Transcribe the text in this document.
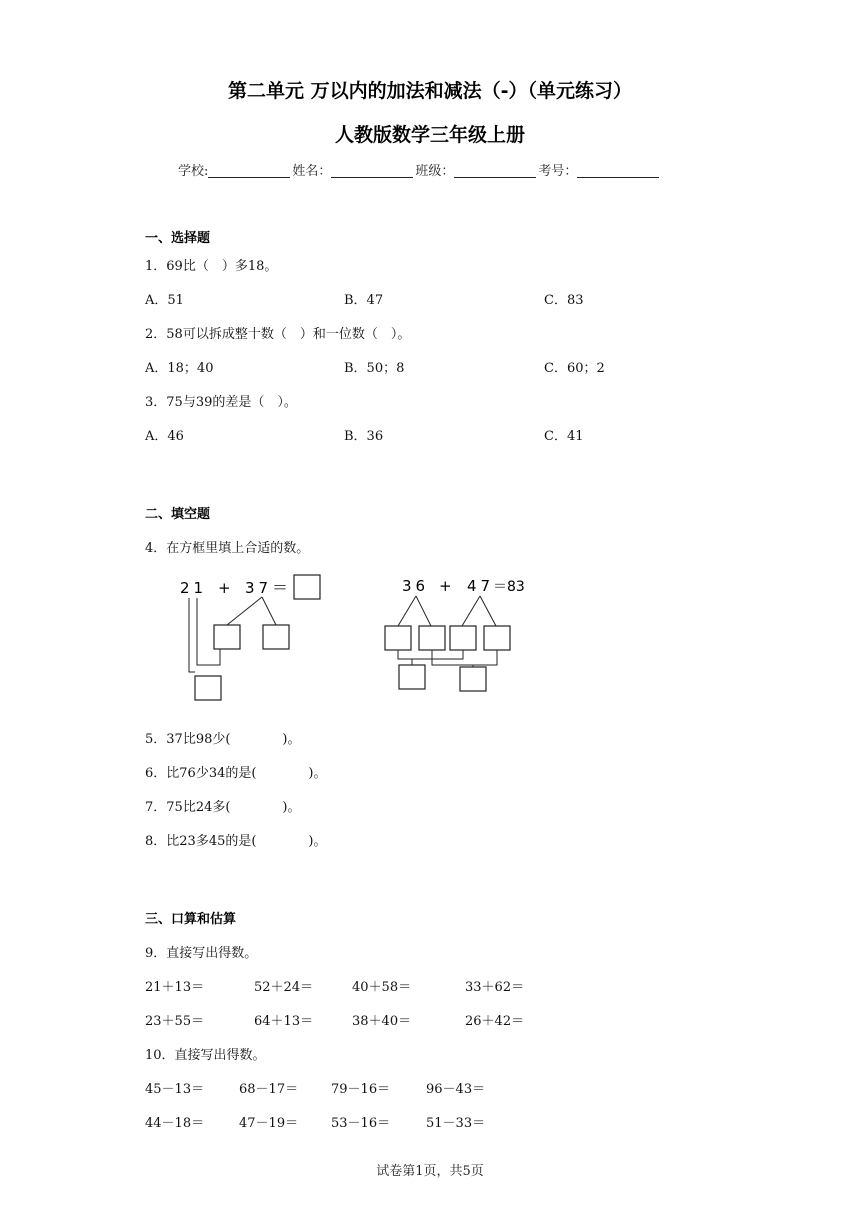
第二单元 万以内的加法和减法（-）（单元练习）
人教版数学三年级上册
学校:	姓名：	班级：	考号：
一、选择题
1．69比（　）多18。
A．51	B．47	C．83
2．58可以拆成整十数（　）和一位数（　）。
A．18；40	B．50；8	C．60；2
3．75与39的差是（　）。
A．46	B．36	C．41
二、填空题
4．在方框里填上合适的数。
21 + 37 ＝	36 + 47
＝83
5．37比98少(　　　　)。
6．比76少34的是(　　　　)。
7．75比24多(　　　　)。
8．比23多45的是(　　　　)。
三、口算和估算
9．直接写出得数。
21＋13＝	52＋24＝	40＋58＝	33＋62＝
23＋55＝	64＋13＝	38＋40＝	26＋42＝
10．直接写出得数。
45－13＝	68－17＝	79－16＝	96－43＝
44－18＝	47－19＝	53－16＝	51－33＝
试卷第1页，共5页
